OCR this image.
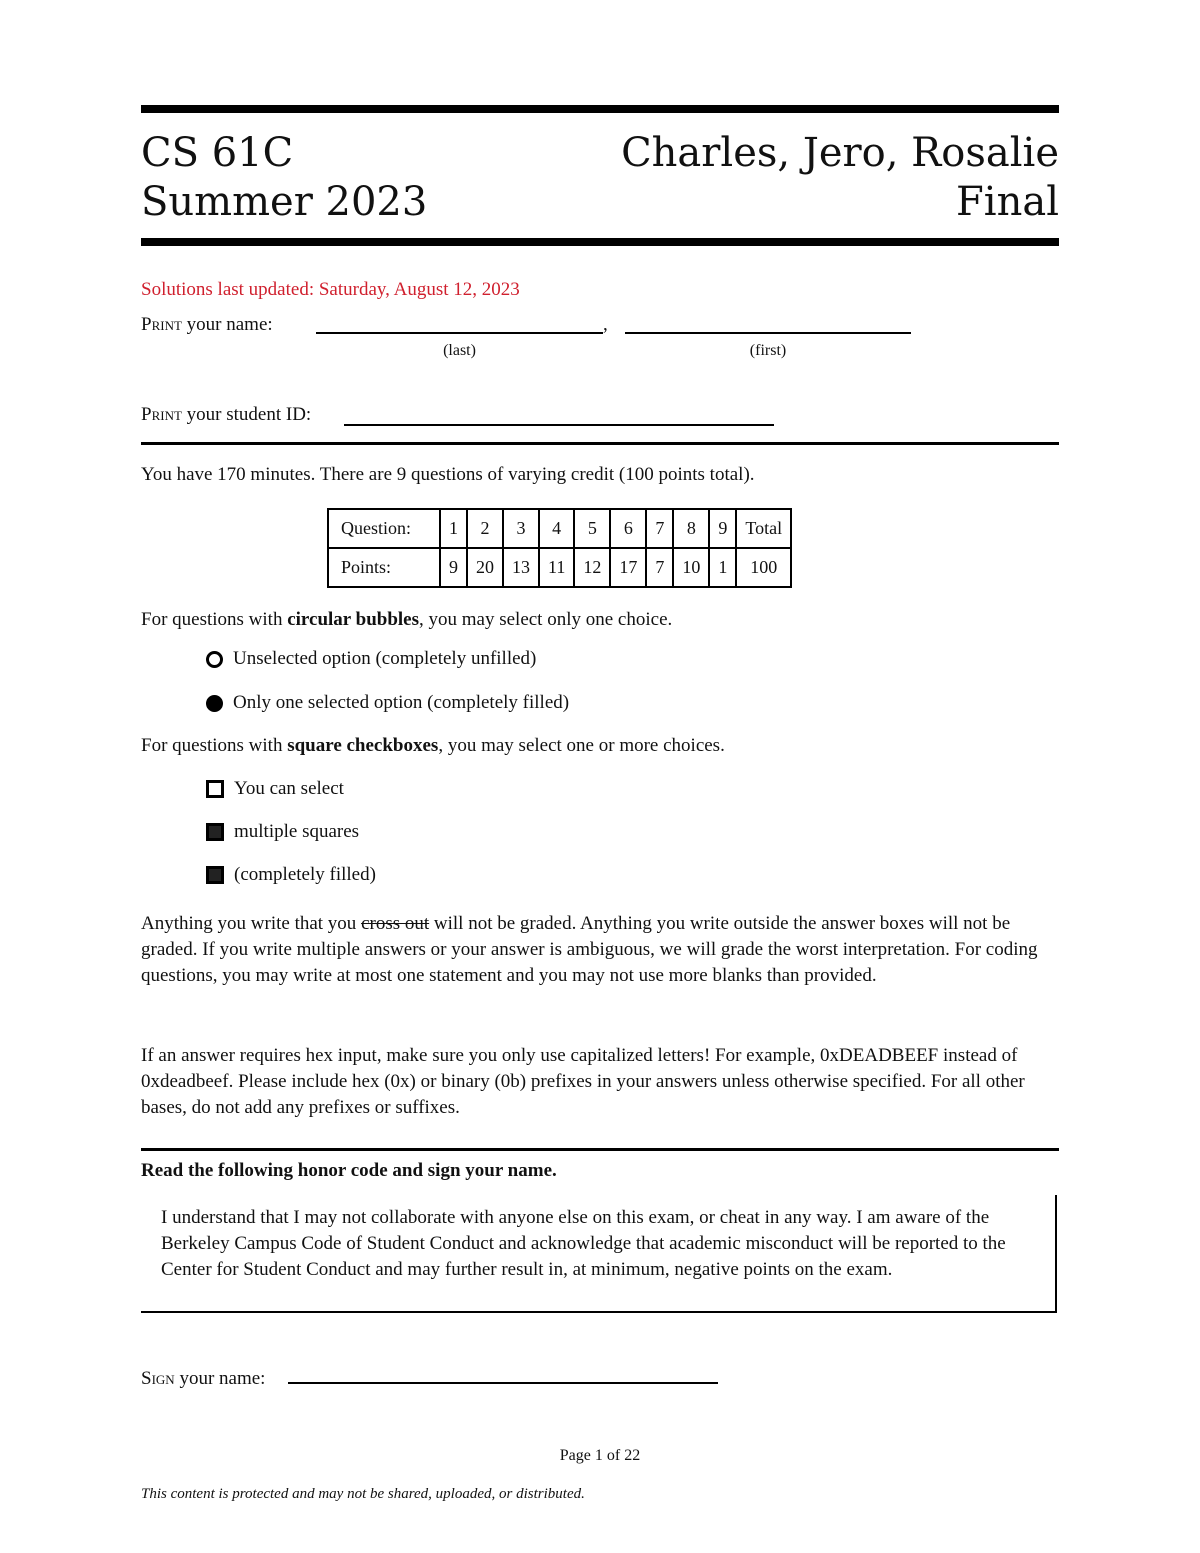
CS 61C
Summer 2023
Charles, Jero, Rosalie
Final
Solutions last updated: Saturday, August 12, 2023
Print your name:	,
(last)	(first)
Print your student ID:
You have 170 minutes. There are 9 questions of varying credit (100 points total).
Question:	1	2	3	4	5	6	7	8	9	Total
Points:	9	20	13	11	12	17	7	10	1	100
For questions with circular bubbles, you may select only one choice.
Unselected option (completely unfilled)
Only one selected option (completely filled)
For questions with square checkboxes, you may select one or more choices.
You can select
multiple squares
(completely filled)
Anything you write that you cross out will not be graded. Anything you write outside the answer boxes will not be graded. If you write multiple answers or your answer is ambiguous, we will grade the worst interpretation. For coding questions, you may write at most one statement and you may not use more blanks than provided.
If an answer requires hex input, make sure you only use capitalized letters! For example, 0xDEADBEEF instead of 0xdeadbeef. Please include hex (0x) or binary (0b) prefixes in your answers unless otherwise specified. For all other bases, do not add any prefixes or suffixes.
Read the following honor code and sign your name.
I understand that I may not collaborate with anyone else on this exam, or cheat in any way. I am aware of the Berkeley Campus Code of Student Conduct and acknowledge that academic misconduct will be reported to the Center for Student Conduct and may further result in, at minimum, negative points on the exam.
Sign your name:
Page 1 of 22
This content is protected and may not be shared, uploaded, or distributed.
